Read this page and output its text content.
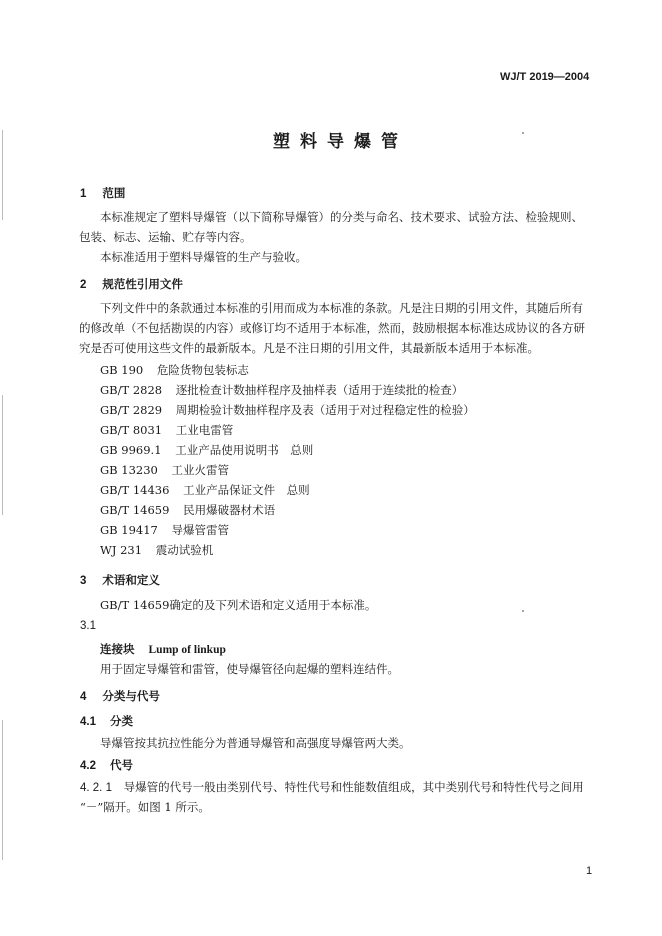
WJ/T 2019—2004
塑料导爆管
1 范围
本标准规定了塑料导爆管（以下简称导爆管）的分类与命名、技术要求、试验方法、检验规则、
包装、标志、运输、贮存等内容。
本标准适用于塑料导爆管的生产与验收。
2 规范性引用文件
下列文件中的条款通过本标准的引用而成为本标准的条款。凡是注日期的引用文件，其随后所有
的修改单（不包括勘误的内容）或修订均不适用于本标准，然而，鼓励根据本标准达成协议的各方研
究是否可使用这些文件的最新版本。凡是不注日期的引用文件，其最新版本适用于本标准。
GB 190 危险货物包装标志
GB/T 2828 逐批检查计数抽样程序及抽样表（适用于连续批的检查）
GB/T 2829 周期检验计数抽样程序及表（适用于对过程稳定性的检验）
GB/T 8031 工业电雷管
GB 9969.1 工业产品使用说明书　总则
GB 13230 工业火雷管
GB/T 14436 工业产品保证文件　总则
GB/T 14659 民用爆破器材术语
GB 19417 导爆管雷管
WJ 231 震动试验机
3 术语和定义
GB/T 14659确定的及下列术语和定义适用于本标准。
3.1
连接块 Lump of linkup
用于固定导爆管和雷管，使导爆管径向起爆的塑料连结件。
4 分类与代号
4.1 分类
导爆管按其抗拉性能分为普通导爆管和高强度导爆管两大类。
4.2 代号
4. 2. 1 导爆管的代号一般由类别代号、特性代号和性能数值组成，其中类别代号和特性代号之间用
“－”隔开。如图 1 所示。
1
